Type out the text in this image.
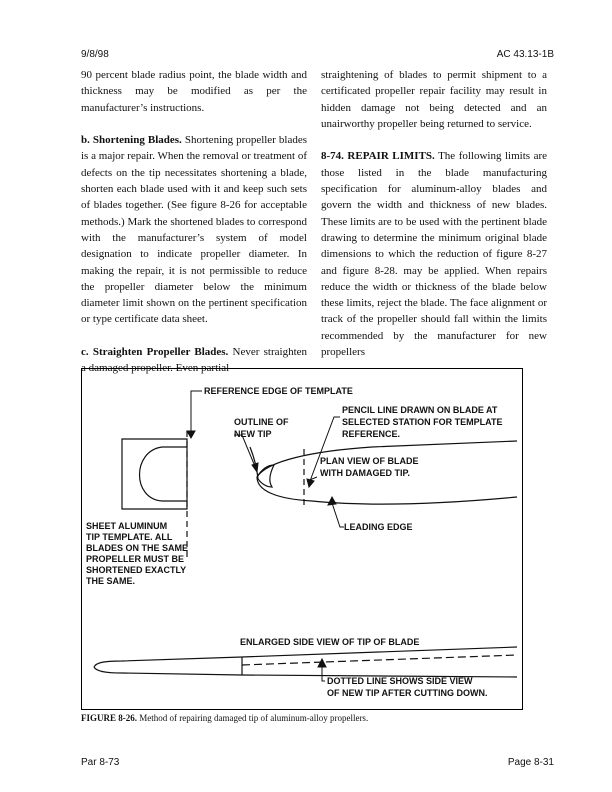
9/8/98	AC 43.13-1B

90 percent blade radius point, the blade width and thickness may be modified as per the manufacturer’s instructions.

b. Shortening Blades. Shortening propeller blades is a major repair. When the removal or treatment of defects on the tip necessitates shortening a blade, shorten each blade used with it and keep such sets of blades together. (See figure 8-26 for acceptable methods.) Mark the shortened blades to correspond with the manufacturer’s system of model designation to indicate propeller diameter. In making the repair, it is not permissible to reduce the propeller diameter below the minimum diameter limit shown on the pertinent specification or type certificate data sheet.

c. Straighten Propeller Blades. Never straighten a damaged propeller. Even partial

straightening of blades to permit shipment to a certificated propeller repair facility may result in hidden damage not being detected and an unairworthy propeller being returned to service.

8-74. REPAIR LIMITS. The following limits are those listed in the blade manufacturing specification for aluminum-alloy blades and govern the width and thickness of new blades. These limits are to be used with the pertinent blade drawing to determine the minimum original blade dimensions to which the reduction of figure 8-27 and figure 8-28. may be applied. When repairs reduce the width or thickness of the blade below these limits, reject the blade. The face alignment or track of the propeller should fall within the limits recommended by the manufacturer for new propellers

REFERENCE EDGE OF TEMPLATE
OUTLINE OF
NEW TIP
PENCIL LINE DRAWN ON BLADE AT
SELECTED STATION FOR TEMPLATE
REFERENCE.
PLAN VIEW OF BLADE
WITH DAMAGED TIP.
LEADING EDGE
SHEET ALUMINUM
TIP TEMPLATE. ALL
BLADES ON THE SAME
PROPELLER MUST BE
SHORTENED EXACTLY
THE SAME.
ENLARGED SIDE VIEW OF TIP OF BLADE
DOTTED LINE SHOWS SIDE VIEW
OF NEW TIP AFTER CUTTING DOWN.
FIGURE 8-26. Method of repairing damaged tip of aluminum-alloy propellers.
Par 8-73	Page 8-31
